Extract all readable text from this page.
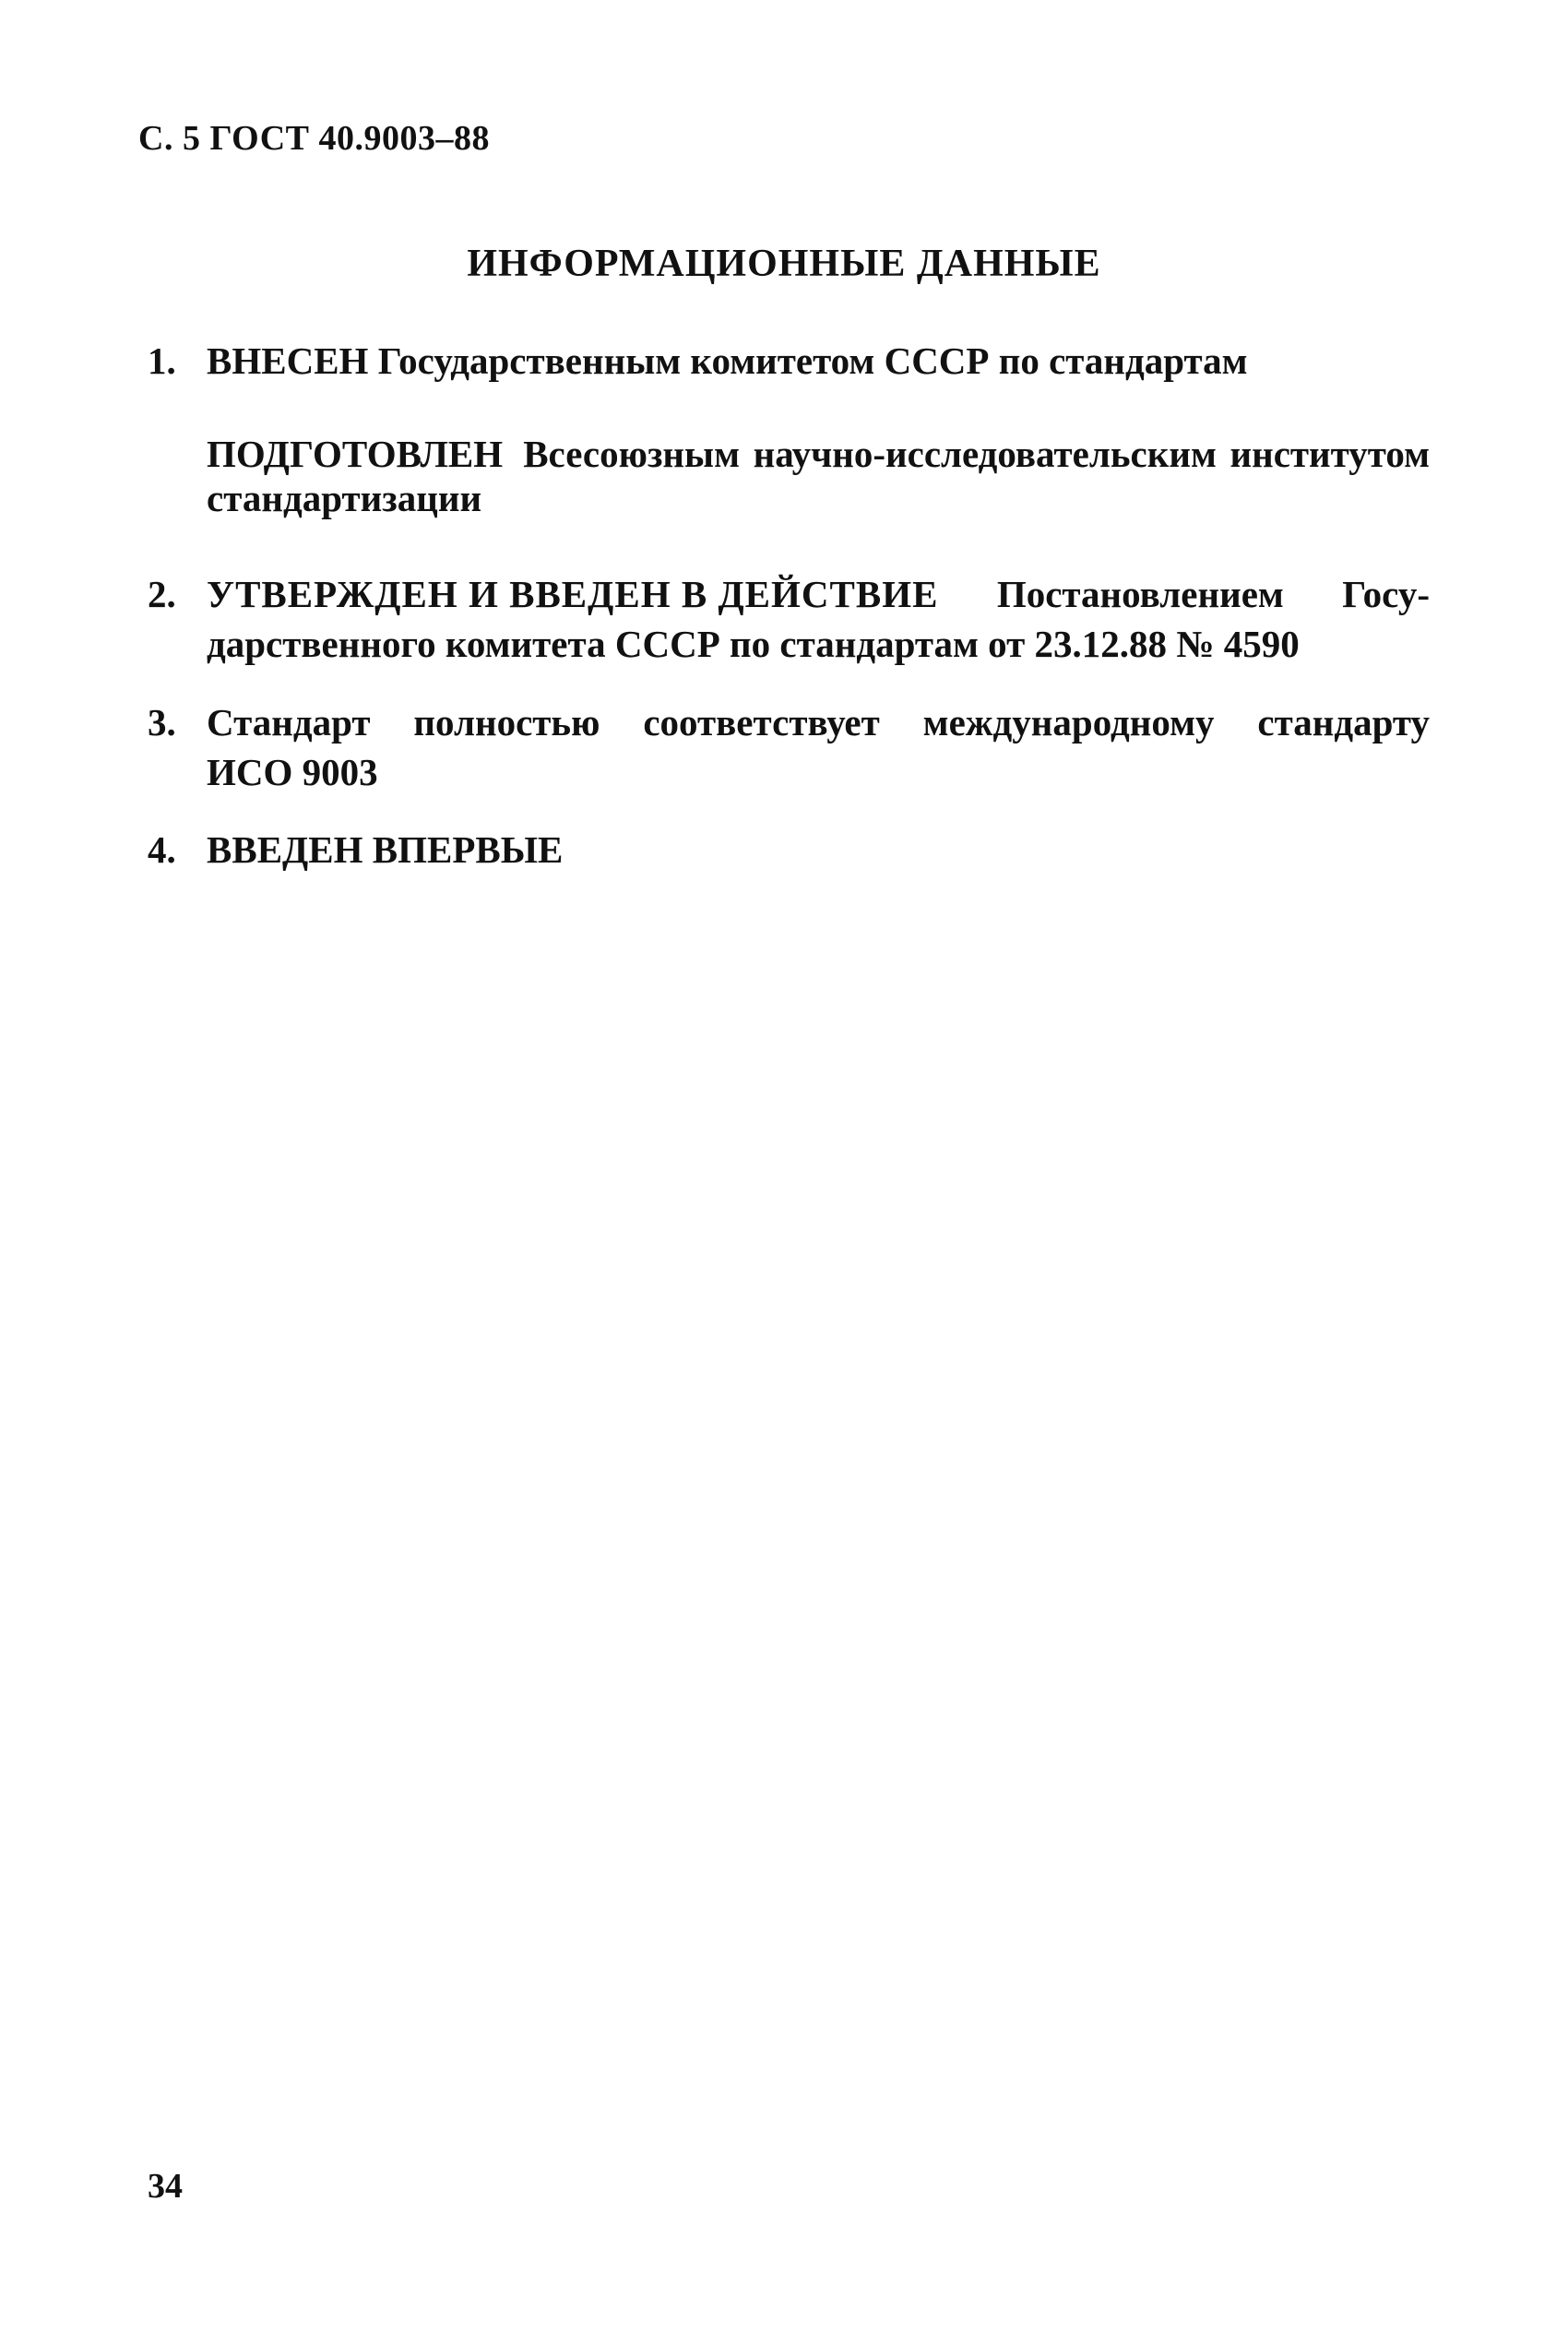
С. 5 ГОСТ 40.9003–88
ИНФОРМАЦИОННЫЕ ДАННЫЕ
1. ВНЕСЕН Государственным комитетом СССР по стандартам
ПОДГОТОВЛЕН Всесоюзным научно-исследовательским институтом
стандартизации
2. УТВЕРЖДЕН И ВВЕДЕН В ДЕЙСТВИЕ Постановлением Госу-
дарственного комитета СССР по стандартам от 23.12.88 № 4590
3. Стандарт полностью соответствует международному стандарту
ИСО 9003
4. ВВЕДЕН ВПЕРВЫЕ
34
